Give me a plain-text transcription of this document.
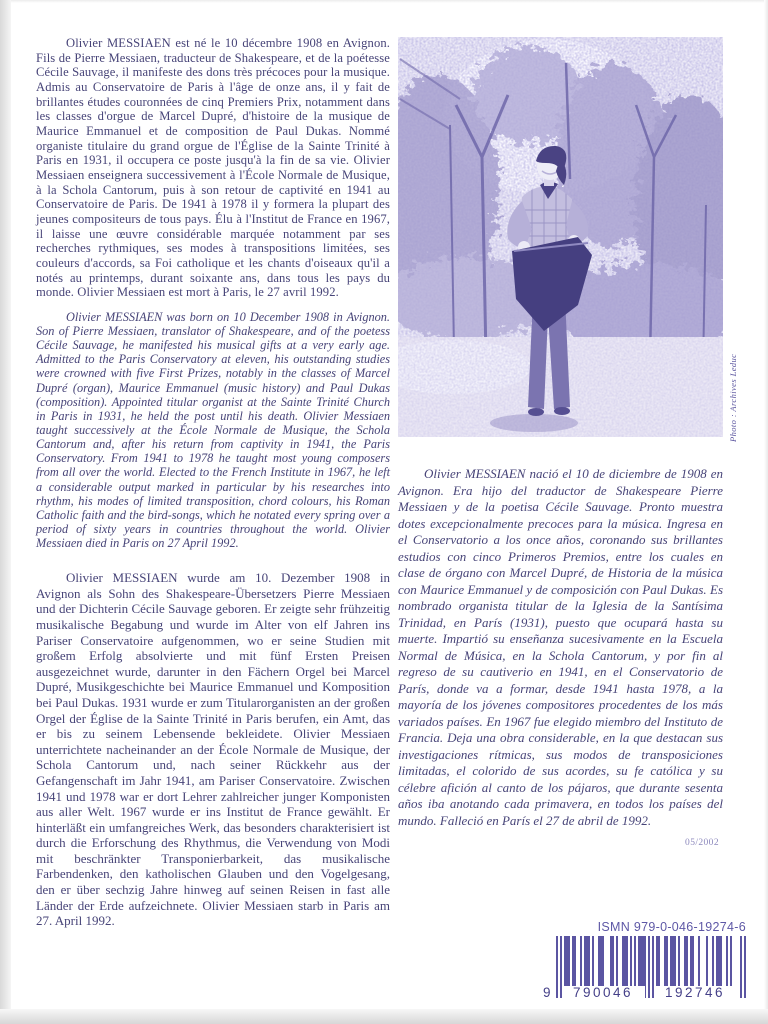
Olivier MESSIAEN est né le 10 décembre 1908 en Avignon. Fils de Pierre Messiaen, traducteur de Shakespeare, et de la poétesse Cécile Sauvage, il manifeste des dons très précoces pour la musique. Admis au Conservatoire de Paris à l'âge de onze ans, il y fait de brillantes études couronnées de cinq Premiers Prix, notamment dans les classes d'orgue de Marcel Dupré, d'histoire de la musique de Maurice Emmanuel et de composition de Paul Dukas. Nommé organiste titulaire du grand orgue de l'Église de la Sainte Trinité à Paris en 1931, il occupera ce poste jusqu'à la fin de sa vie. Olivier Messiaen enseignera successivement à l'École Normale de Musique, à la Schola Cantorum, puis à son retour de captivité en 1941 au Conservatoire de Paris. De 1941 à 1978 il y formera la plupart des jeunes compositeurs de tous pays. Élu à l'Institut de France en 1967, il laisse une œuvre considérable marquée notamment par ses recherches rythmiques, ses modes à transpositions limitées, ses couleurs d'accords, sa Foi catholique et les chants d'oiseaux qu'il a notés au printemps, durant soixante ans, dans tous les pays du monde. Olivier Messiaen est mort à Paris, le 27 avril 1992.

Olivier MESSIAEN was born on 10 December 1908 in Avignon. Son of Pierre Messiaen, translator of Shakespeare, and of the poetess Cécile Sauvage, he manifested his musical gifts at a very early age. Admitted to the Paris Conservatory at eleven, his outstanding studies were crowned with five First Prizes, notably in the classes of Marcel Dupré (organ), Maurice Emmanuel (music history) and Paul Dukas (composition). Appointed titular organist at the Sainte Trinité Church in Paris in 1931, he held the post until his death. Olivier Messiaen taught successively at the École Normale de Musique, the Schola Cantorum and, after his return from captivity in 1941, the Paris Conservatory. From 1941 to 1978 he taught most young composers from all over the world. Elected to the French Institute in 1967, he left a considerable output marked in particular by his researches into rhythm, his modes of limited transposition, chord colours, his Roman Catholic faith and the bird-songs, which he notated every spring over a period of sixty years in countries throughout the world. Olivier Messiaen died in Paris on 27 April 1992.

Olivier MESSIAEN wurde am 10. Dezember 1908 in Avignon als Sohn des Shakespeare-Übersetzers Pierre Messiaen und der Dichterin Cécile Sauvage geboren. Er zeigte sehr frühzeitig musikalische Begabung und wurde im Alter von elf Jahren ins Pariser Conservatoire aufgenommen, wo er seine Studien mit großem Erfolg absolvierte und mit fünf Ersten Preisen ausgezeichnet wurde, darunter in den Fächern Orgel bei Marcel Dupré, Musikgeschichte bei Maurice Emmanuel und Komposition bei Paul Dukas. 1931 wurde er zum Titularorganisten an der großen Orgel der Église de la Sainte Trinité in Paris berufen, ein Amt, das er bis zu seinem Lebensende bekleidete. Olivier Messiaen unterrichtete nacheinander an der École Normale de Musique, der Schola Cantorum und, nach seiner Rückkehr aus der Gefangenschaft im Jahr 1941, am Pariser Conservatoire. Zwischen 1941 und 1978 war er dort Lehrer zahlreicher junger Komponisten aus aller Welt. 1967 wurde er ins Institut de France gewählt. Er hinterläßt ein umfangreiches Werk, das besonders charakterisiert ist durch die Erforschung des Rhythmus, die Verwendung von Modi mit beschränkter Transponierbarkeit, das musikalische Farbendenken, den katholischen Glauben und den Vogelgesang, den er über sechzig Jahre hinweg auf seinen Reisen in fast alle Länder der Erde aufzeichnete. Olivier Messiaen starb in Paris am 27. April 1992.

Olivier MESSIAEN nació el 10 de diciembre de 1908 en Avignon. Era hijo del traductor de Shakespeare Pierre Messiaen y de la poetisa Cécile Sauvage. Pronto muestra dotes excepcionalmente precoces para la música. Ingresa en el Conservatorio a los once años, coronando sus brillantes estudios con cinco Primeros Premios, entre los cuales en clase de órgano con Marcel Dupré, de Historia de la música con Maurice Emmanuel y de composición con Paul Dukas. Es nombrado organista titular de la Iglesia de la Santísima Trinidad, en París (1931), puesto que ocupará hasta su muerte. Impartió su enseñanza sucesivamente en la Escuela Normal de Música, en la Schola Cantorum, y por fin al regreso de su cautiverio en 1941, en el Conservatorio de París, donde va a formar, desde 1941 hasta 1978, a la mayoría de los jóvenes compositores procedentes de los más variados países. En 1967 fue elegido miembro del Instituto de Francia. Deja una obra considerable, en la que destacan sus investigaciones rítmicas, sus modos de transposiciones limitadas, el colorido de sus acordes, su fe católica y su célebre afición al canto de los pájaros, que durante sesenta años iba anotando cada primavera, en todos los países del mundo. Falleció en París el 27 de abril de 1992.

05/2002
Photo : Archives Leduc
ISMN 979-0-046-19274-6
9	790046	192746
